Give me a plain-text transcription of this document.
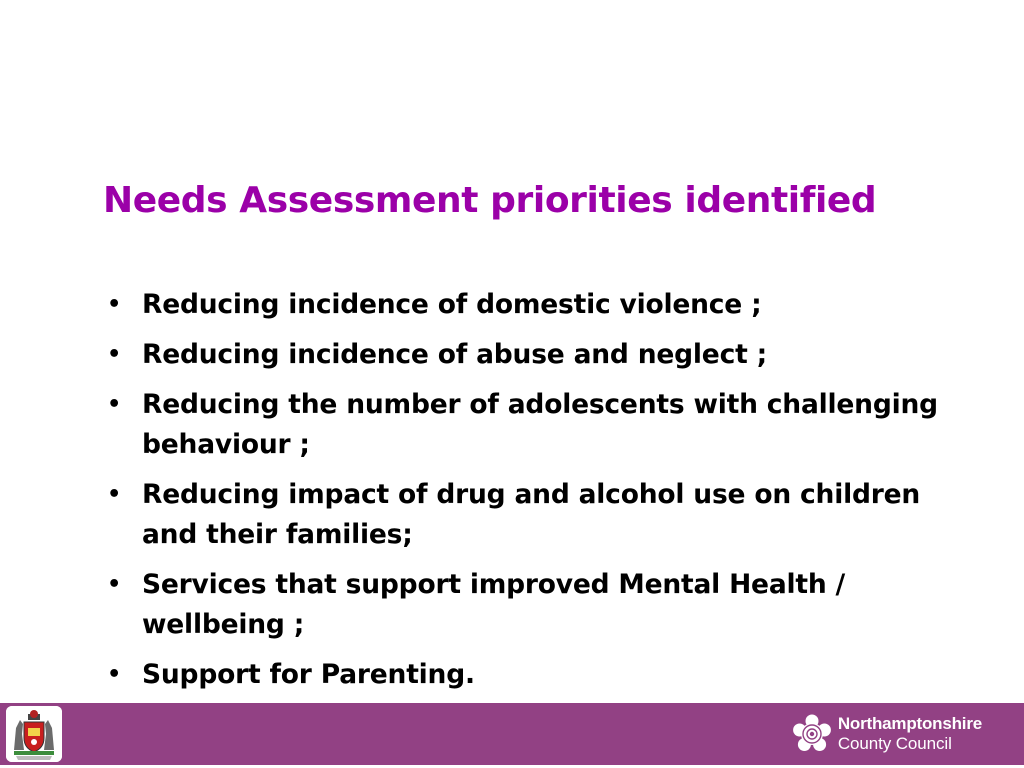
Needs Assessment priorities identified
• Reducing incidence of domestic violence ;
• Reducing incidence of abuse and neglect ;
• Reducing the number of adolescents with challenging behaviour ;
• Reducing impact of drug and alcohol use on children and their families;
• Services that support improved Mental Health / wellbeing ;
• Support for Parenting.
Northamptonshire
County Council
